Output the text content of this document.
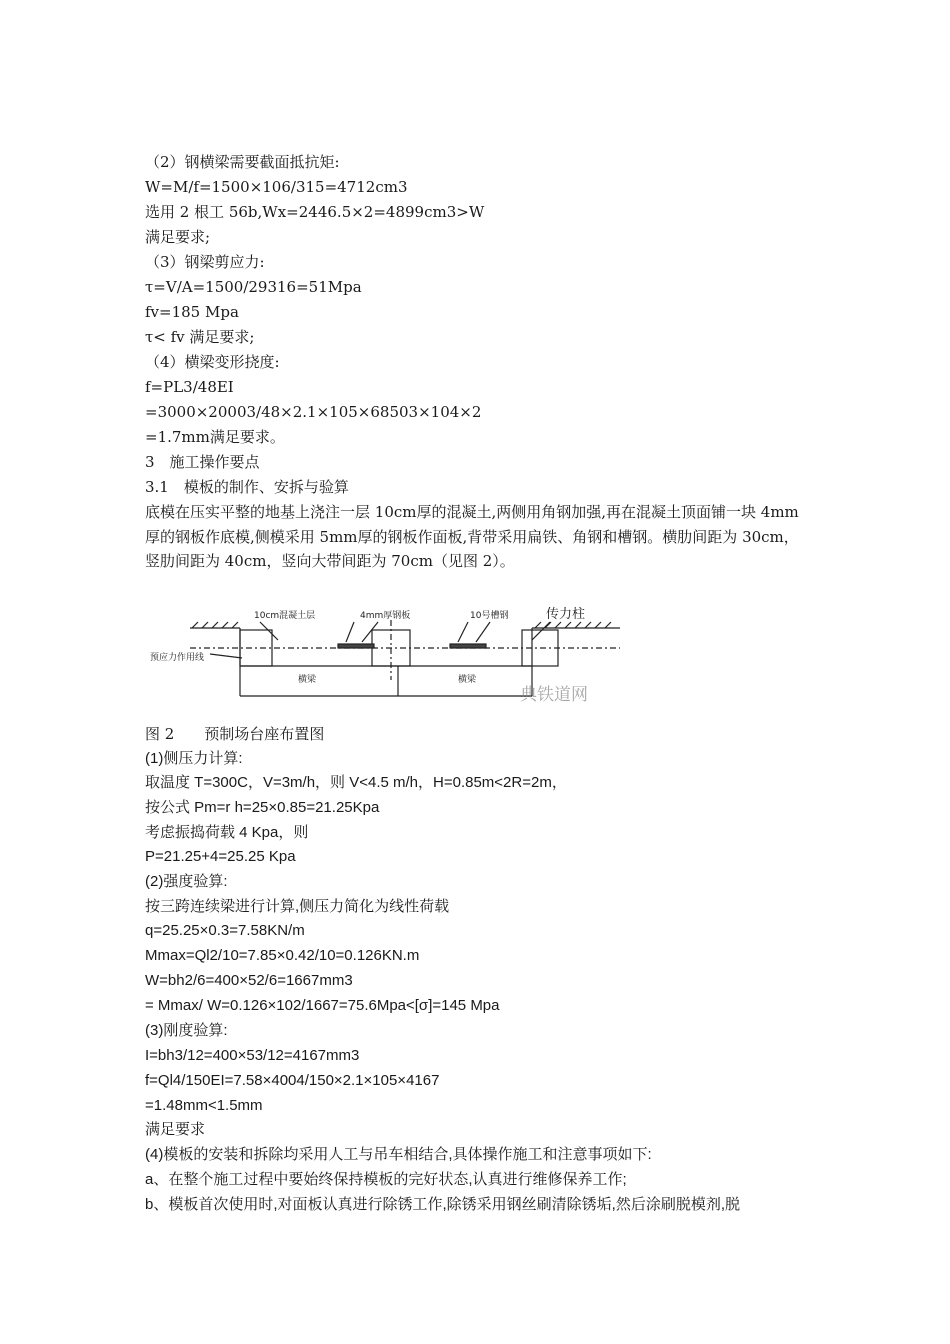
（2）钢横梁需要截面抵抗矩:
W=M/f=1500×106/315=4712cm3
选用 2 根工 56b,Wx=2446.5×2=4899cm3>W
满足要求;
（3）钢梁剪应力:
τ=V/A=1500/29316=51Mpa
fv=185 Mpa
τ< fv 满足要求;
（4）横梁变形挠度:
f=PL3/48EI
=3000×20003/48×2.1×105×68503×104×2
=1.7mm满足要求。
3　施工操作要点
3.1　模板的制作、安拆与验算
底模在压实平整的地基上浇注一层 10cm厚的混凝土,两侧用角钢加强,再在混凝土顶面铺一块 4mm厚的钢板作底模,侧模采用 5mm厚的钢板作面板,背带采用扁铁、角钢和槽钢。横肋间距为 30cm，竖肋间距为 40cm，竖向大带间距为 70cm（见图 2）。
10cm混凝土层	4mm厚钢板	10号槽钢	传力柱
预应力作用线
横梁	横梁
典铁道网
图 2　　预制场台座布置图
(1)侧压力计算:
取温度 T=300C，V=3m/h，则 V<4.5 m/h，H=0.85m<2R=2m，
按公式 Pm=r h=25×0.85=21.25Kpa
考虑振捣荷载 4 Kpa，则
P=21.25+4=25.25 Kpa
(2)强度验算:
按三跨连续梁进行计算,侧压力简化为线性荷载
q=25.25×0.3=7.58KN/m
Mmax=Ql2/10=7.85×0.42/10=0.126KN.m
W=bh2/6=400×52/6=1667mm3
= Mmax/ W=0.126×102/1667=75.6Mpa<[σ]=145 Mpa
(3)刚度验算:
I=bh3/12=400×53/12=4167mm3
f=Ql4/150EI=7.58×4004/150×2.1×105×4167
=1.48mm<1.5mm
满足要求
(4)模板的安装和拆除均采用人工与吊车相结合,具体操作施工和注意事项如下:
a、在整个施工过程中要始终保持模板的完好状态,认真进行维修保养工作;
b、模板首次使用时,对面板认真进行除锈工作,除锈采用钢丝刷清除锈垢,然后涂刷脱模剂,脱
